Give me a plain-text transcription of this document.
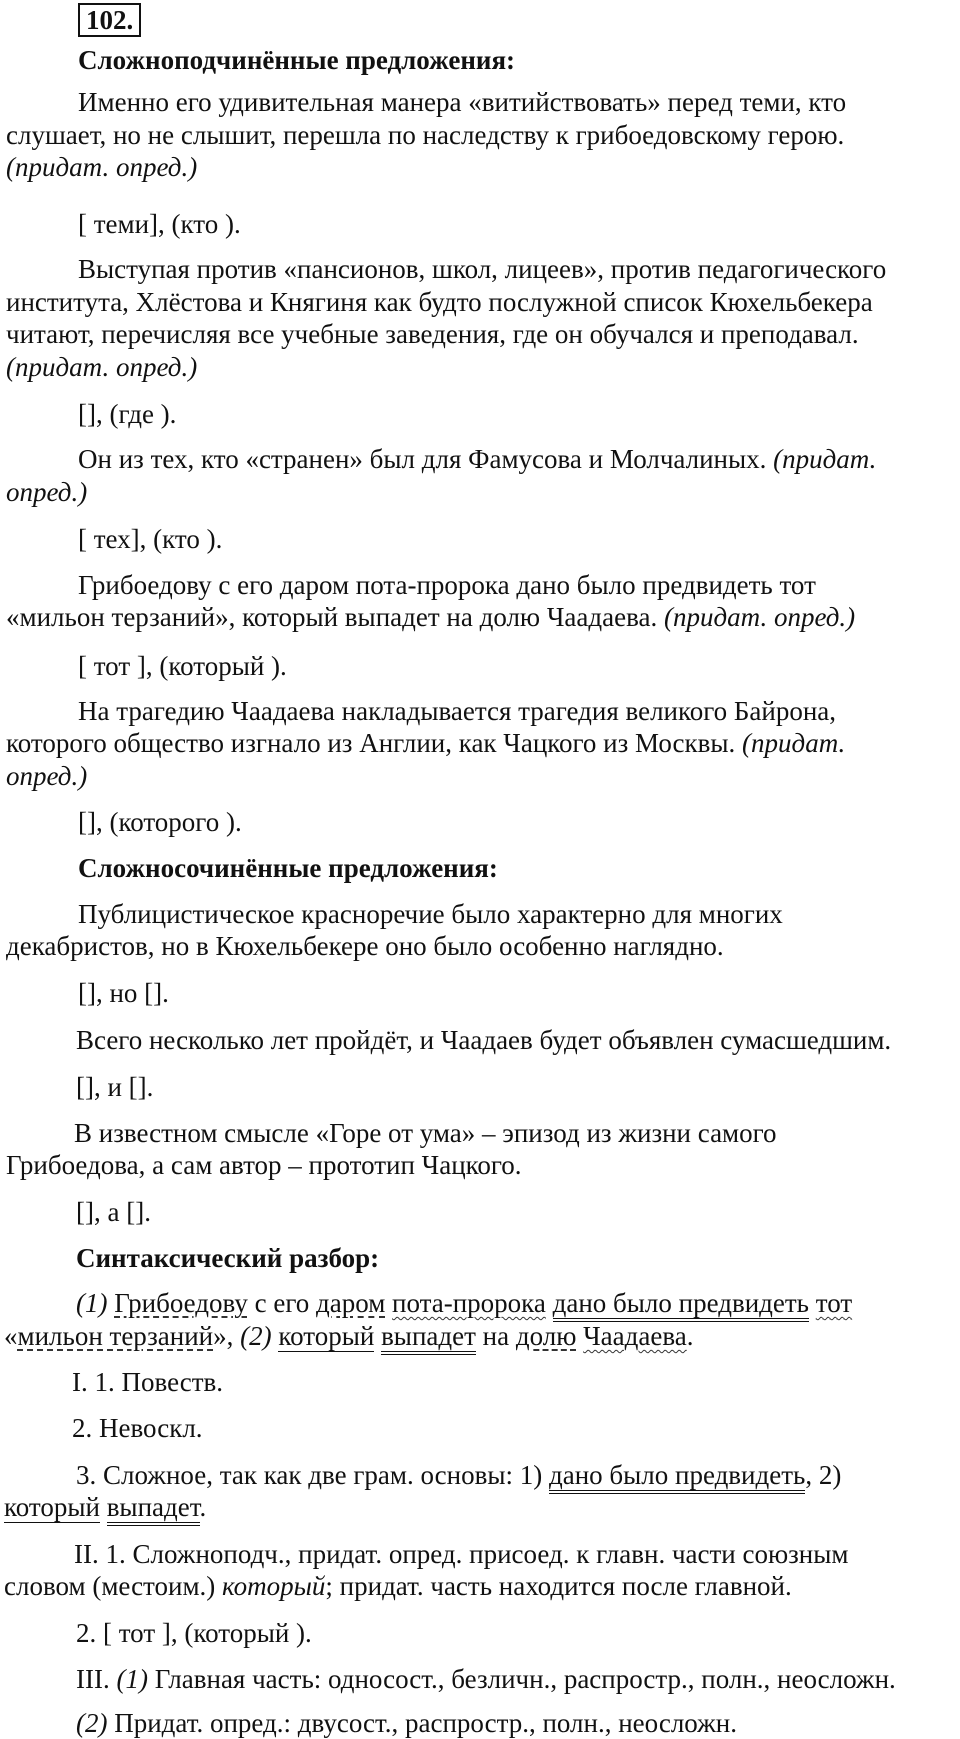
102.
Сложноподчинённые предложения:
Именно его удивительная манера «витийствовать» перед теми, кто
слушает, но не слышит, перешла по наследству к грибоедовскому герою.
(придат. опред.)
[ теми], (кто ).
Выступая против «пансионов, школ, лицеев», против педагогического
института, Хлёстова и Княгиня как будто послужной список Кюхельбекера
читают, перечисляя все учебные заведения, где он обучался и преподавал.
(придат. опред.)
[], (где ).
Он из тех, кто «странен» был для Фамусова и Молчалиных. (придат.
опред.)
[ тех], (кто ).
Грибоедову с его даром пота-пророка дано было предвидеть тот
«мильон терзаний», который выпадет на долю Чаадаева. (придат. опред.)
[ тот ], (который ).
На трагедию Чаадаева накладывается трагедия великого Байрона,
которого общество изгнало из Англии, как Чацкого из Москвы. (придат.
опред.)
[], (которого ).
Сложносочинённые предложения:
Публицистическое красноречие было характерно для многих
декабристов, но в Кюхельбекере оно было особенно наглядно.
[], но [].
Всего несколько лет пройдёт, и Чаадаев будет объявлен сумасшедшим.
[], и [].
В известном смысле «Горе от ума» – эпизод из жизни самого
Грибоедова, а сам автор – прототип Чацкого.
[], а [].
Синтаксический разбор:
(1) Грибоедову с его даром пота-пророка дано было предвидеть тот
«мильон терзаний», (2) который выпадет на долю Чаадаева.
I. 1. Повеств.
2. Невоскл.
3. Сложное, так как две грам. основы: 1) дано было предвидеть, 2)
который выпадет.
II. 1. Сложноподч., придат. опред. присоед. к главн. части союзным
словом (местоим.) который; придат. часть находится после главной.
2. [ тот ], (который ).
III. (1) Главная часть: односост., безличн., распростр., полн., неосложн.
(2) Придат. опред.: двусост., распростр., полн., неосложн.
